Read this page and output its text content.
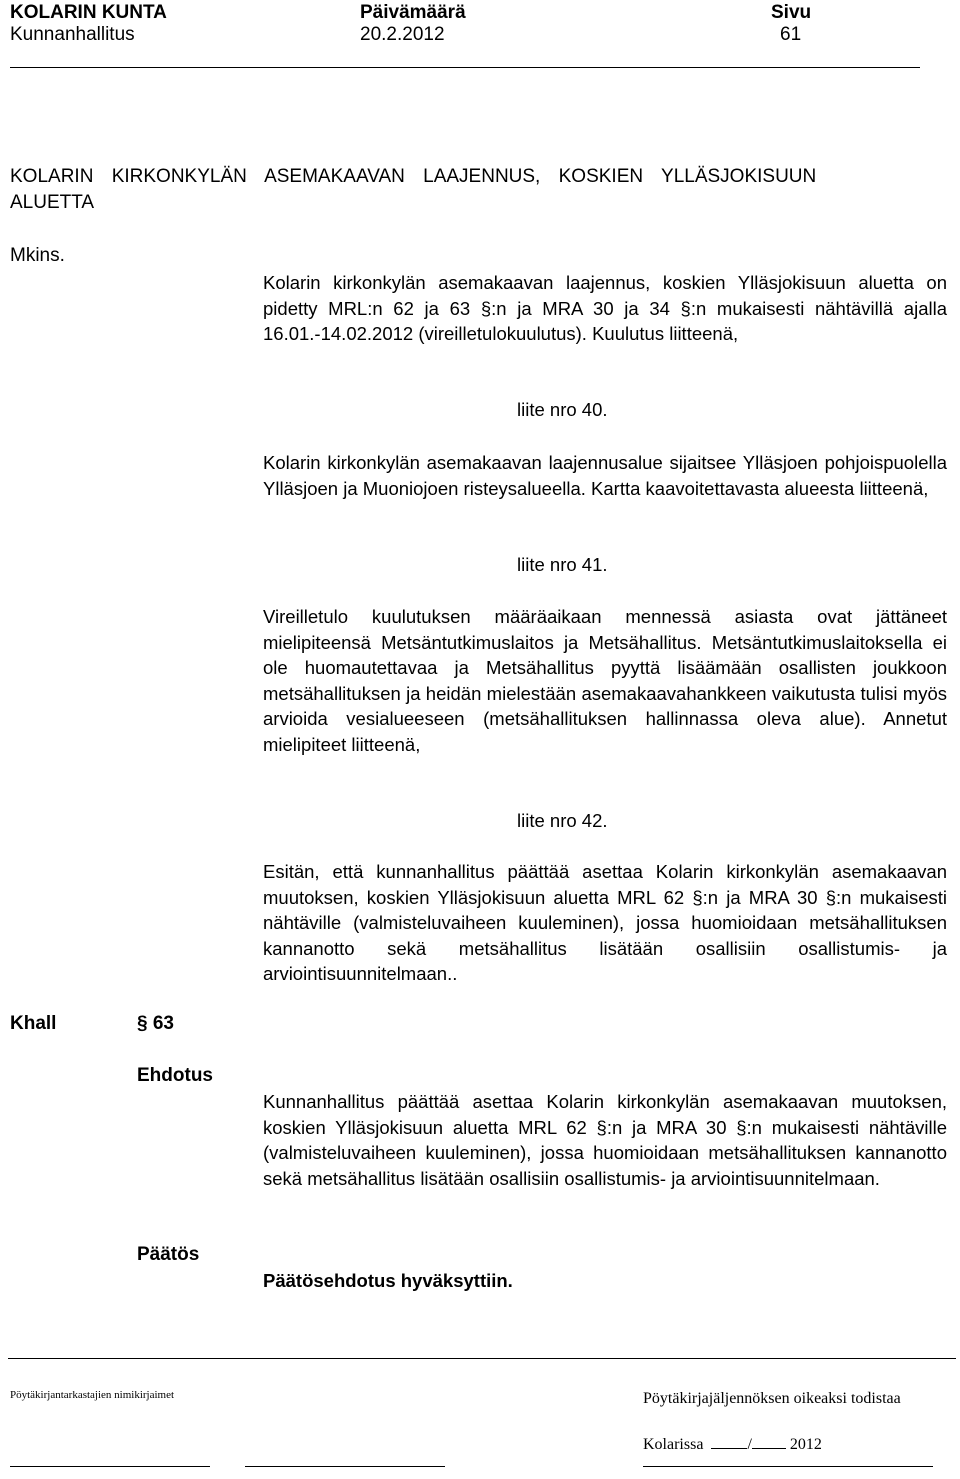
KOLARIN KUNTA
Kunnanhallitus
Päivämäärä
20.2.2012
Sivu
61
KOLARIN KIRKONKYLÄN ASEMAKAAVAN LAAJENNUS, KOSKIEN YLLÄSJOKISUUN
ALUETTA
Mkins.
Khall	§ 63
Ehdotus
Päätös
Kolarin kirkonkylän asemakaavan laajennus, koskien Ylläsjokisuun aluetta on pidetty MRL:n 62 ja 63 §:n ja MRA 30 ja 34 §:n mukaisesti nähtävillä ajalla 16.01.-14.02.2012 (vireilletulokuulutus). Kuulutus liitteenä,
liite nro 40.
Kolarin kirkonkylän asemakaavan laajennusalue sijaitsee Ylläsjoen pohjoispuolella Ylläsjoen ja Muoniojoen risteysalueella. Kartta kaavoitettavasta alueesta liitteenä,
liite nro 41.
Vireilletulo kuulutuksen määräaikaan mennessä asiasta ovat jättäneet mielipiteensä Metsäntutkimuslaitos ja Metsähallitus. Metsäntutkimuslaitoksella ei ole huomautettavaa ja Metsähallitus pyyttä lisäämään osallisten joukkoon metsähallituksen ja heidän mielestään asemakaavahankkeen vaikutusta tulisi myös arvioida vesialueeseen (metsähallituksen hallinnassa oleva alue). Annetut mielipiteet liitteenä,
liite nro 42.
Esitän, että kunnanhallitus päättää asettaa Kolarin kirkonkylän asemakaavan muutoksen, koskien Ylläsjokisuun aluetta MRL 62 §:n ja MRA 30 §:n mukaisesti nähtäville (valmisteluvaiheen kuuleminen), jossa huomioidaan metsähallituksen kannanotto sekä metsähallitus lisätään osallisiin osallistumis- ja arviointisuunnitelmaan..
Kunnanhallitus päättää asettaa Kolarin kirkonkylän asemakaavan muutoksen, koskien Ylläsjokisuun aluetta MRL 62 §:n ja MRA 30 §:n mukaisesti nähtäville (valmisteluvaiheen kuuleminen), jossa huomioidaan metsähallituksen kannanotto sekä metsähallitus lisätään osallisiin osallistumis- ja arviointisuunnitelmaan.
Päätösehdotus hyväksyttiin.
Pöytäkirjantarkastajien nimikirjaimet	Pöytäkirjajäljennöksen oikeaksi todistaa
Kolarissa	/ 2012
